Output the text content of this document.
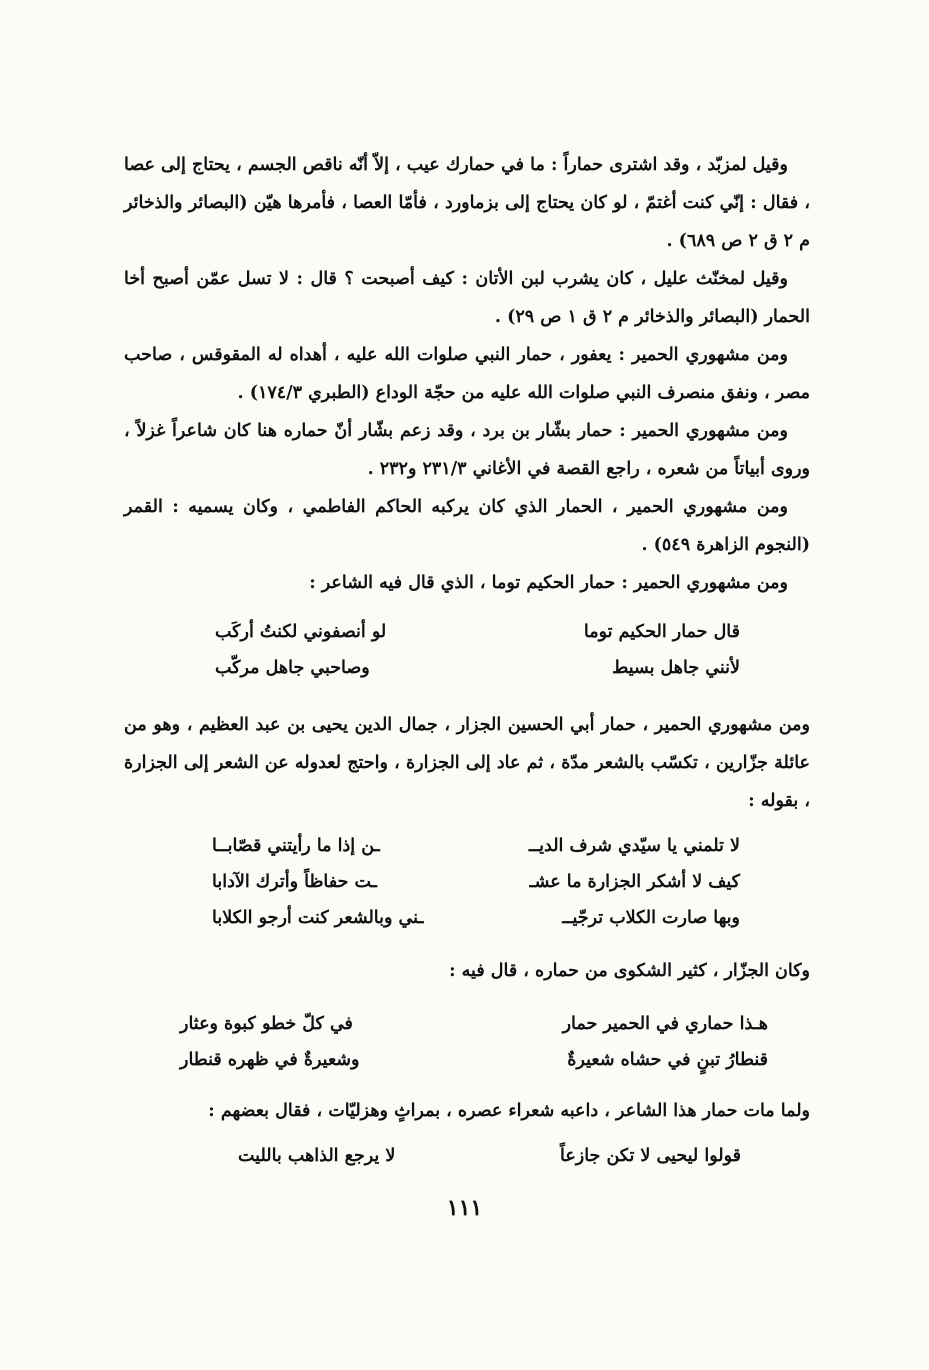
وقيل لمزبّد ، وقد اشترى حماراً : ما في حمارك عيب ، إلاّ أنّه ناقص الجسم ، يحتاج إلى عصا ، فقال : إنّي كنت أغتمّ ، لو كان يحتاج إلى بزماورد ، فأمّا العصا ، فأمرها هيّن (البصائر والذخائر م ٢ ق ٢ ص ٦٨٩) .

وقيل لمخنّث عليل ، كان يشرب لبن الأتان : كيف أصبحت ؟ قال : لا تسل عمّن أصبح أخا الحمار (البصائر والذخائر م ٢ ق ١ ص ٢٩) .

ومن مشهوري الحمير : يعفور ، حمار النبي صلوات الله عليه ، أهداه له المقوقس ، صاحب مصر ، ونفق منصرف النبي صلوات الله عليه من حجّة الوداع (الطبري ١٧٤/٣) .

ومن مشهوري الحمير : حمار بشّار بن برد ، وقد زعم بشّار أنّ حماره هنا كان شاعراً غزلاً ، وروى أبياتاً من شعره ، راجع القصة في الأغاني ٢٣١/٣ و٢٣٢ .

ومن مشهوري الحمير ، الحمار الذي كان يركبه الحاكم الفاطمي ، وكان يسميه : القمر (النجوم الزاهرة ٥٤٩) .

ومن مشهوري الحمير : حمار الحكيم توما ، الذي قال فيه الشاعر :

قال حمار الحكيم توما
لو أنصفوني لكنتُ أركَب
لأنني جاهل بسيط
وصاحبي جاهل مركّب

ومن مشهوري الحمير ، حمار أبي الحسين الجزار ، جمال الدين يحيى بن عبد العظيم ، وهو من عائلة جزّارين ، تكسّب بالشعر مدّة ، ثم عاد إلى الجزارة ، واحتج لعدوله عن الشعر إلى الجزارة ، بقوله :

لا تلمني يا سيّدي شرف الديــ
ـن إذا ما رأيتني قصّابــا
كيف لا أشكر الجزارة ما عشـ
ـت حفاظاً وأترك الآدابا
وبها صارت الكلاب ترجّيــ
ـني وبالشعر كنت أرجو الكلابا

وكان الجزّار ، كثير الشكوى من حماره ، قال فيه :

هـذا حماري في الحمير حمار
في كلّ خطو كبوة وعثار
قنطارُ تبنٍ في حشاه شعيرةٌ
وشعيرةٌ في ظهره قنطار

ولما مات حمار هذا الشاعر ، داعبه شعراء عصره ، بمراثٍ وهزليّات ، فقال بعضهم :

قولوا ليحيى لا تكن جازعاً
لا يرجع الذاهب بالليت
١١١
